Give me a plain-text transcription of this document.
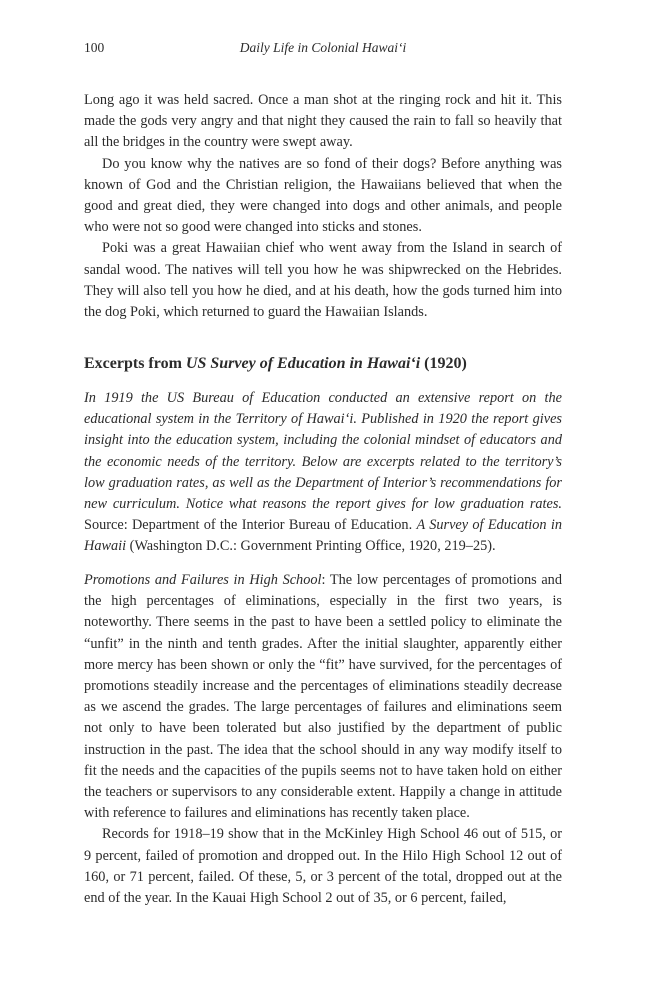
100	Daily Life in Colonial Hawai‘i

Long ago it was held sacred. Once a man shot at the ringing rock and hit it. This made the gods very angry and that night they caused the rain to fall so heavily that all the bridges in the country were swept away.

Do you know why the natives are so fond of their dogs? Before anything was known of God and the Christian religion, the Hawaiians believed that when the good and great died, they were changed into dogs and other animals, and people who were not so good were changed into sticks and stones.

Poki was a great Hawaiian chief who went away from the Island in search of sandal wood. The natives will tell you how he was shipwrecked on the Hebrides. They will also tell you how he died, and at his death, how the gods turned him into the dog Poki, which returned to guard the Hawaiian Islands.

Excerpts from US Survey of Education in Hawai‘i (1920)

In 1919 the US Bureau of Education conducted an extensive report on the educational system in the Territory of Hawai‘i. Published in 1920 the report gives insight into the education system, including the colonial mindset of educators and the economic needs of the territory. Below are excerpts related to the territory’s low graduation rates, as well as the Department of Interior’s recommendations for new curriculum. Notice what reasons the report gives for low graduation rates. Source: Department of the Interior Bureau of Education. A Survey of Education in Hawaii (Washington D.C.: Government Printing Office, 1920, 219–25).

Promotions and Failures in High School: The low percentages of promotions and the high percentages of eliminations, especially in the first two years, is noteworthy. There seems in the past to have been a settled policy to eliminate the “unfit” in the ninth and tenth grades. After the initial slaughter, apparently either more mercy has been shown or only the “fit” have survived, for the percentages of promotions steadily increase and the percentages of eliminations steadily decrease as we ascend the grades. The large percentages of failures and eliminations seem not only to have been tolerated but also justified by the department of public instruction in the past. The idea that the school should in any way modify itself to fit the needs and the capacities of the pupils seems not to have taken hold on either the teachers or supervisors to any considerable extent. Happily a change in attitude with reference to failures and eliminations has recently taken place.

Records for 1918–19 show that in the McKinley High School 46 out of 515, or 9 percent, failed of promotion and dropped out. In the Hilo High School 12 out of 160, or 71 percent, failed. Of these, 5, or 3 percent of the total, dropped out at the end of the year. In the Kauai High School 2 out of 35, or 6 percent, failed,
